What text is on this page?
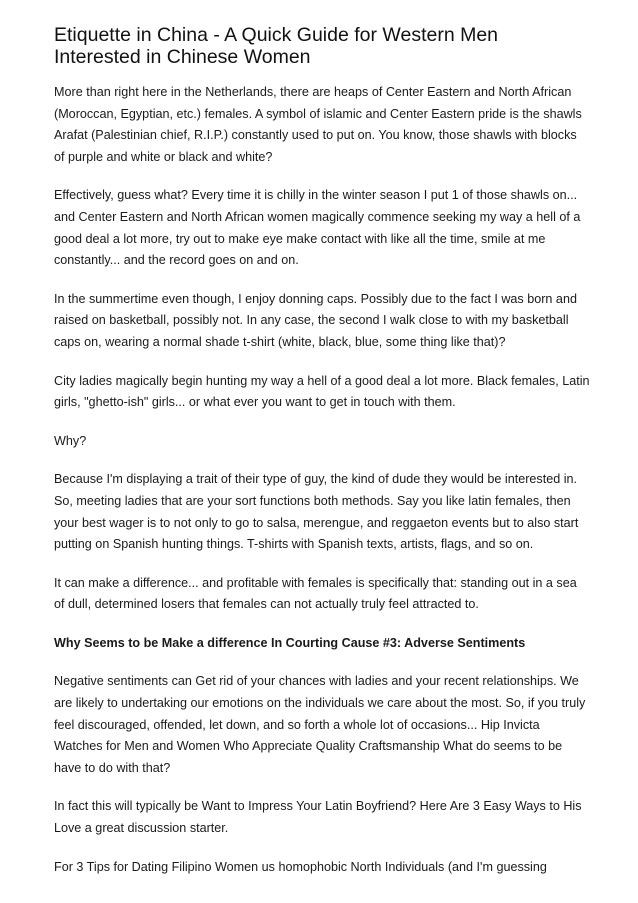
Etiquette in China - A Quick Guide for Western Men Interested in Chinese Women

More than right here in the Netherlands, there are heaps of Center Eastern and North African (Moroccan, Egyptian, etc.) females. A symbol of islamic and Center Eastern pride is the shawls Arafat (Palestinian chief, R.I.P.) constantly used to put on. You know, those shawls with blocks of purple and white or black and white?

Effectively, guess what? Every time it is chilly in the winter season I put 1 of those shawls on... and Center Eastern and North African women magically commence seeking my way a hell of a good deal a lot more, try out to make eye make contact with like all the time, smile at me constantly... and the record goes on and on.

In the summertime even though, I enjoy donning caps. Possibly due to the fact I was born and raised on basketball, possibly not. In any case, the second I walk close to with my basketball caps on, wearing a normal shade t-shirt (white, black, blue, some thing like that)?

City ladies magically begin hunting my way a hell of a good deal a lot more. Black females, Latin girls, "ghetto-ish" girls... or what ever you want to get in touch with them.

Why?

Because I'm displaying a trait of their type of guy, the kind of dude they would be interested in. So, meeting ladies that are your sort functions both methods. Say you like latin females, then your best wager is to not only to go to salsa, merengue, and reggaeton events but to also start putting on Spanish hunting things. T-shirts with Spanish texts, artists, flags, and so on.

It can make a difference... and profitable with females is specifically that: standing out in a sea of dull, determined losers that females can not actually truly feel attracted to.

Why Seems to be Make a difference In Courting Cause #3: Adverse Sentiments

Negative sentiments can Get rid of your chances with ladies and your recent relationships. We are likely to undertaking our emotions on the individuals we care about the most. So, if you truly feel discouraged, offended, let down, and so forth a whole lot of occasions... Hip Invicta Watches for Men and Women Who Appreciate Quality Craftsmanship What do seems to be have to do with that?

In fact this will typically be Want to Impress Your Latin Boyfriend? Here Are 3 Easy Ways to His Love a great discussion starter.

For 3 Tips for Dating Filipino Women us homophobic North Individuals (and I'm guessing
